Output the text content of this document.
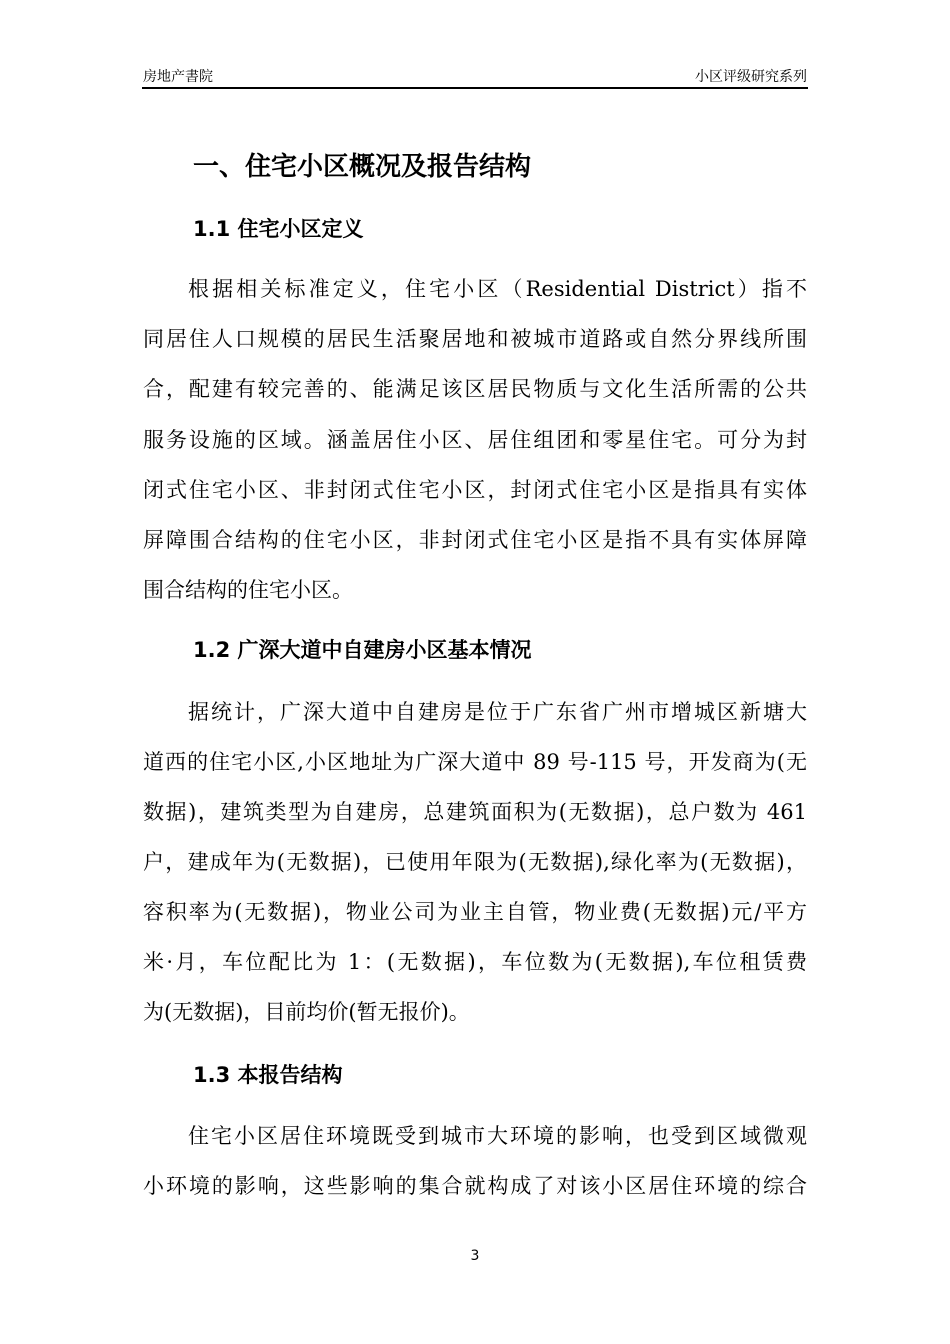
房地产書院	小区评级研究系列
一、住宅小区概况及报告结构
1.1 住宅小区定义
根据相关标准定义，住宅小区（Residential District）指不
同居住人口规模的居民生活聚居地和被城市道路或自然分界线所围
合，配建有较完善的、能满足该区居民物质与文化生活所需的公共
服务设施的区域。涵盖居住小区、居住组团和零星住宅。可分为封
闭式住宅小区、非封闭式住宅小区，封闭式住宅小区是指具有实体
屏障围合结构的住宅小区，非封闭式住宅小区是指不具有实体屏障
围合结构的住宅小区。
1.2 广深大道中自建房小区基本情况
据统计，广深大道中自建房是位于广东省广州市增城区新塘大
道西的住宅小区,小区地址为广深大道中 89 号-115 号，开发商为(无
数据)，建筑类型为自建房，总建筑面积为(无数据)，总户数为 461
户，建成年为(无数据)，已使用年限为(无数据),绿化率为(无数据)，
容积率为(无数据)，物业公司为业主自管，物业费(无数据)元/平方
米·月，车位配比为 1：(无数据)，车位数为(无数据),车位租赁费
为(无数据)，目前均价(暂无报价)。
1.3 本报告结构
住宅小区居住环境既受到城市大环境的影响，也受到区域微观
小环境的影响，这些影响的集合就构成了对该小区居住环境的综合
3
